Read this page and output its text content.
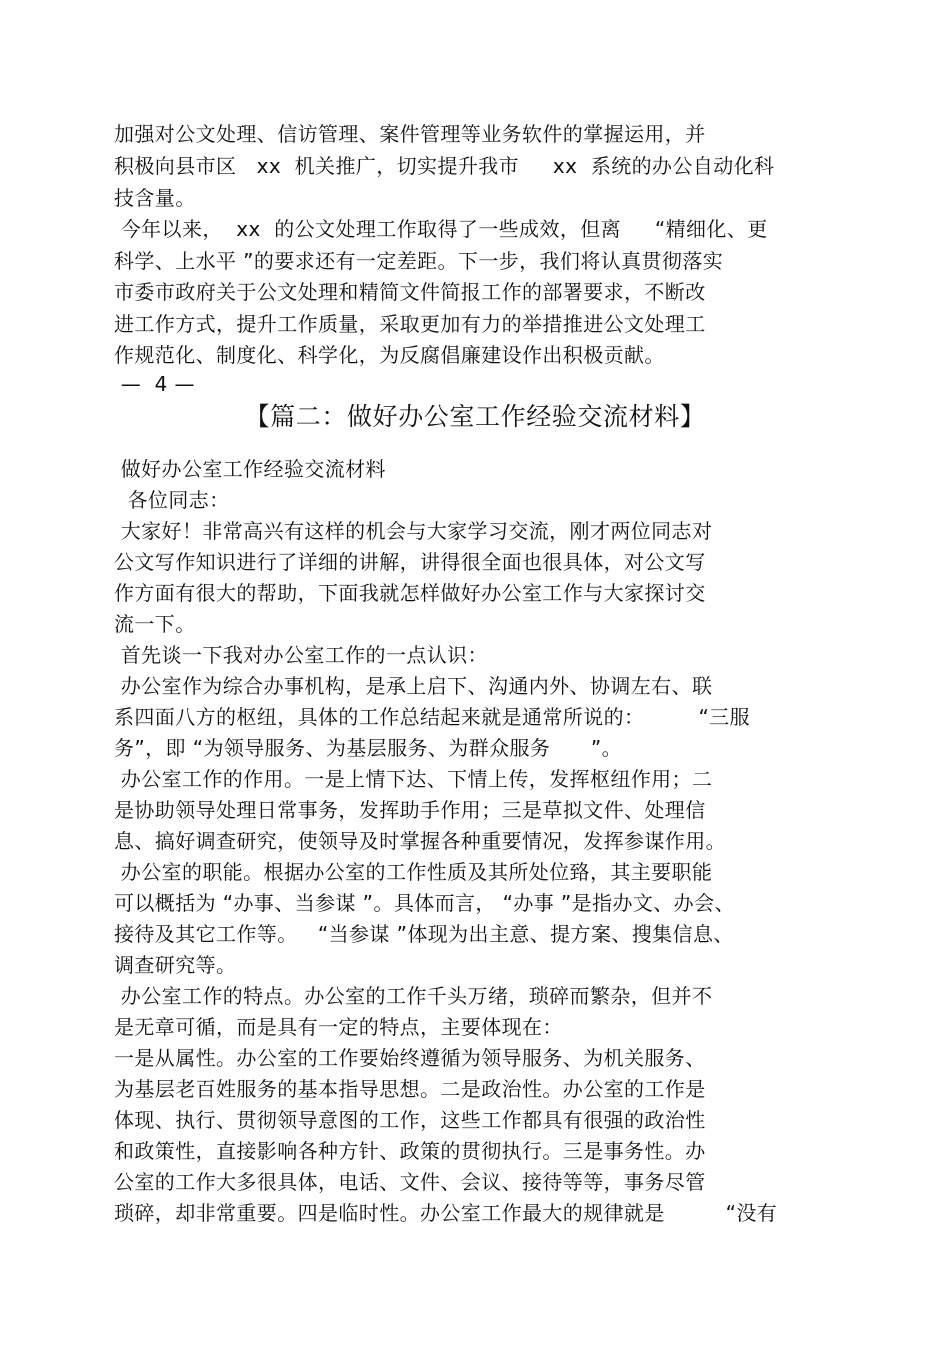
加强对公文处理、信访管理、案件管理等业务软件的掌握运用，并
积极向县市区   xx  机关推广，切实提升我市     xx  系统的办公自动化科
技含量。
今年以来，  xx  的公文处理工作取得了一些成效，但离     “精细化、更
科学、上水平 ”的要求还有一定差距。下一步，我们将认真贯彻落实
市委市政府关于公文处理和精简文件简报工作的部署要求，不断改
进工作方式，提升工作质量，采取更加有力的举措推进公文处理工
作规范化、制度化、科学化，为反腐倡廉建设作出积极贡献。
—  4 —
【篇二：做好办公室工作经验交流材料】
做好办公室工作经验交流材料
各位同志：
大家好！非常高兴有这样的机会与大家学习交流，刚才两位同志对
公文写作知识进行了详细的讲解，讲得很全面也很具体，对公文写
作方面有很大的帮助，下面我就怎样做好办公室工作与大家探讨交
流一下。
首先谈一下我对办公室工作的一点认识：
办公室作为综合办事机构，是承上启下、沟通内外、协调左右、联
系四面八方的枢纽，具体的工作总结起来就是通常所说的：        “三服
务”，即 “为领导服务、为基层服务、为群众服务      ”。
办公室工作的作用。一是上情下达、下情上传，发挥枢纽作用；二
是协助领导处理日常事务，发挥助手作用；三是草拟文件、处理信
息、搞好调查研究，使领导及时掌握各种重要情况，发挥参谋作用。
办公室的职能。根据办公室的工作性质及其所处位臵，其主要职能
可以概括为 “办事、当参谋 ”。具体而言， “办事 ”是指办文、办会、
接待及其它工作等。   “当参谋 ”体现为出主意、提方案、搜集信息、
调查研究等。
办公室工作的特点。办公室的工作千头万绪，琐碎而繁杂，但并不
是无章可循，而是具有一定的特点，主要体现在：
一是从属性。办公室的工作要始终遵循为领导服务、为机关服务、
为基层老百姓服务的基本指导思想。二是政治性。办公室的工作是
体现、执行、贯彻领导意图的工作，这些工作都具有很强的政治性
和政策性，直接影响各种方针、政策的贯彻执行。三是事务性。办
公室的工作大多很具体，电话、文件、会议、接待等等，事务尽管
琐碎，却非常重要。四是临时性。办公室工作最大的规律就是         “没有
